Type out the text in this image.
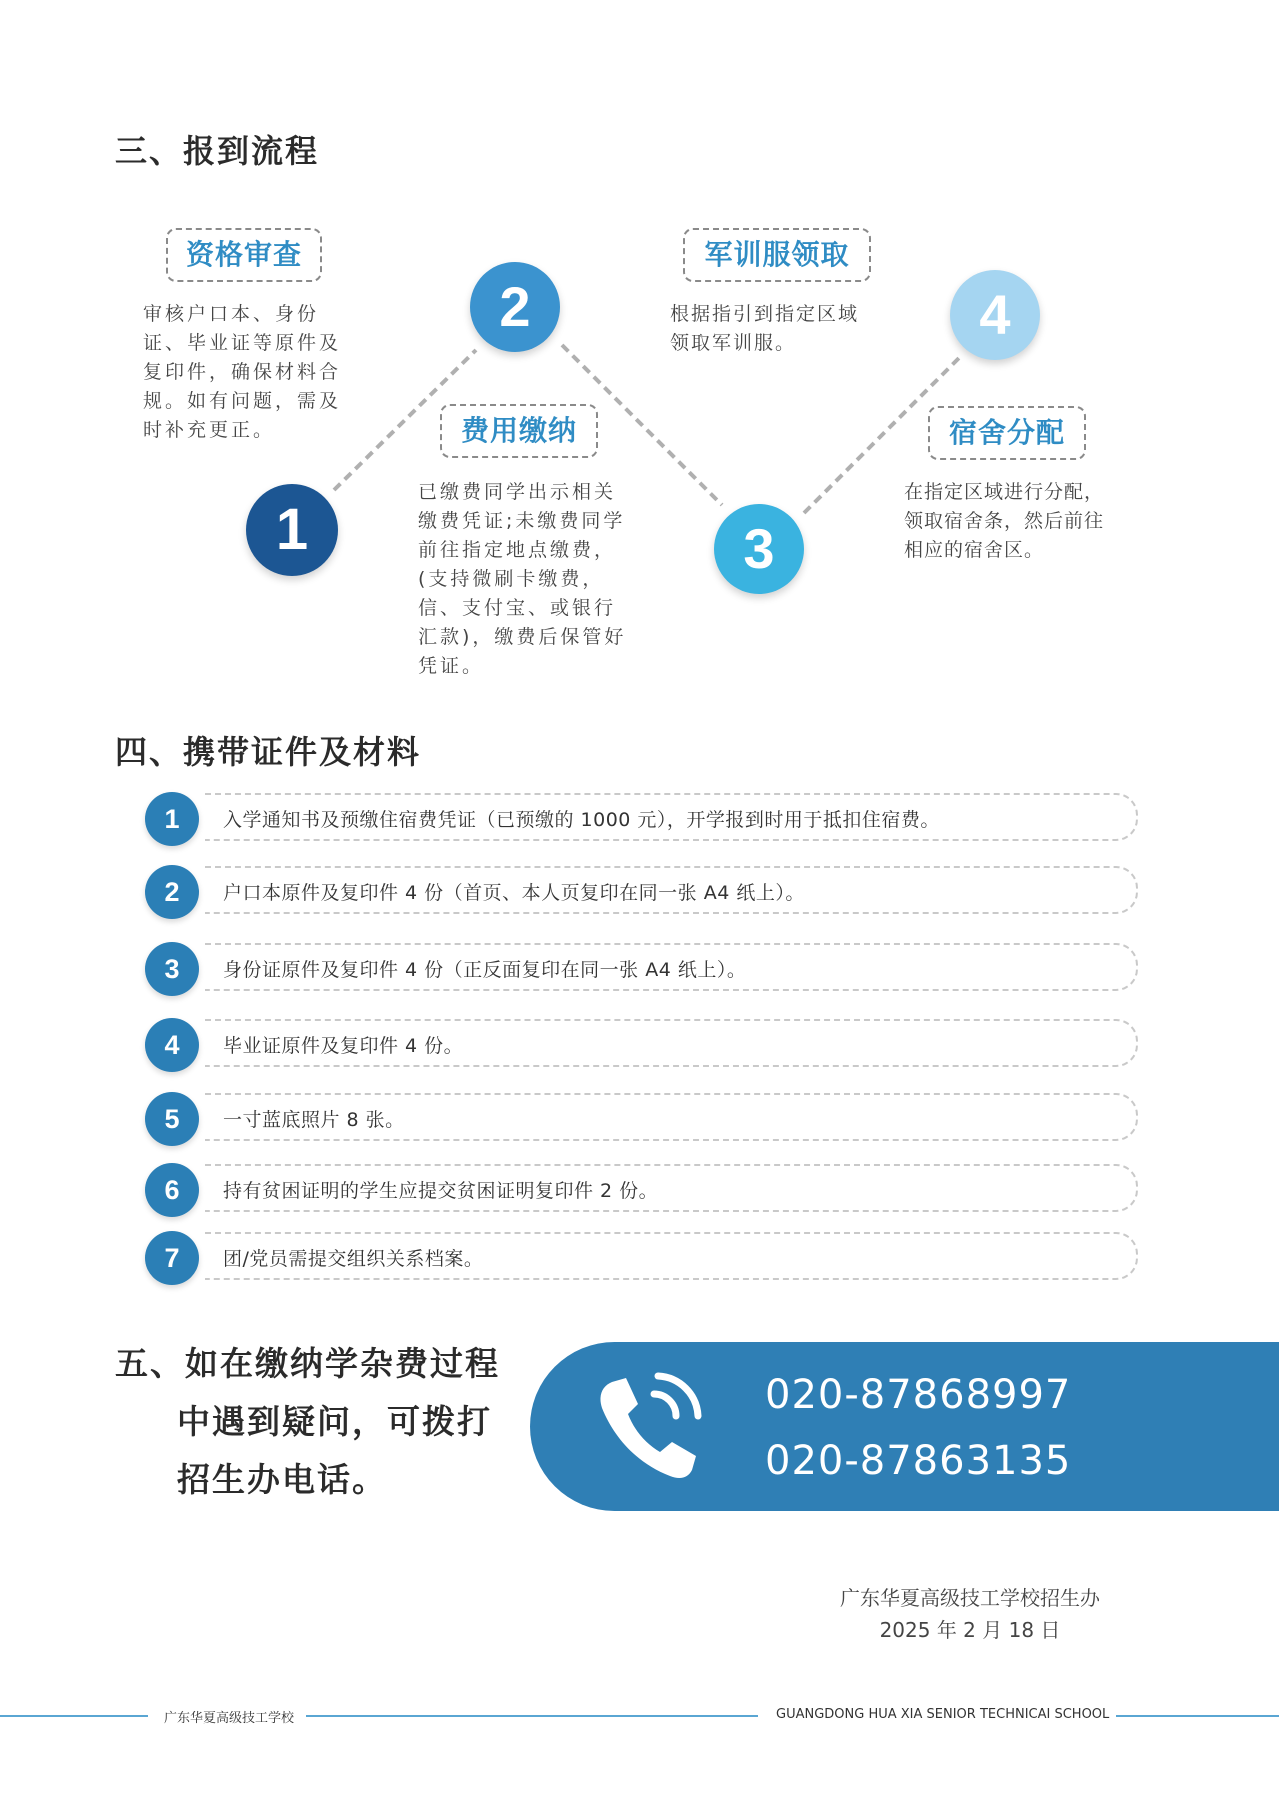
三、报到流程
资格审查
审核户口本、身份
证、毕业证等原件及
复印件，确保材料合
规。如有问题，需及
时补充更正。
1
2
费用缴纳
已缴费同学出示相关
缴费凭证;未缴费同学
前往指定地点缴费，
(支持微刷卡缴费，
信、支付宝、或银行
汇款)，缴费后保管好
凭证。
军训服领取
根据指引到指定区域
领取军训服。
3
4
宿舍分配
在指定区域进行分配，
领取宿舍条，然后前往
相应的宿舍区。
四、携带证件及材料
1	入学通知书及预缴住宿费凭证（已预缴的 1000 元），开学报到时用于抵扣住宿费。
2	户口本原件及复印件 4 份（首页、本人页复印在同一张 A4 纸上）。
3	身份证原件及复印件 4 份（正反面复印在同一张 A4 纸上）。
4	毕业证原件及复印件 4 份。
5	一寸蓝底照片 8 张。
6	持有贫困证明的学生应提交贫困证明复印件 2 份。
7	团/党员需提交组织关系档案。
五、如在缴纳学杂费过程
中遇到疑问，可拨打
招生办电话。
020-87868997
020-87863135
广东华夏高级技工学校招生办
2025 年 2 月 18 日
广东华夏高级技工学校	GUANGDONG HUA XIA SENIOR TECHNICAI SCHOOL
